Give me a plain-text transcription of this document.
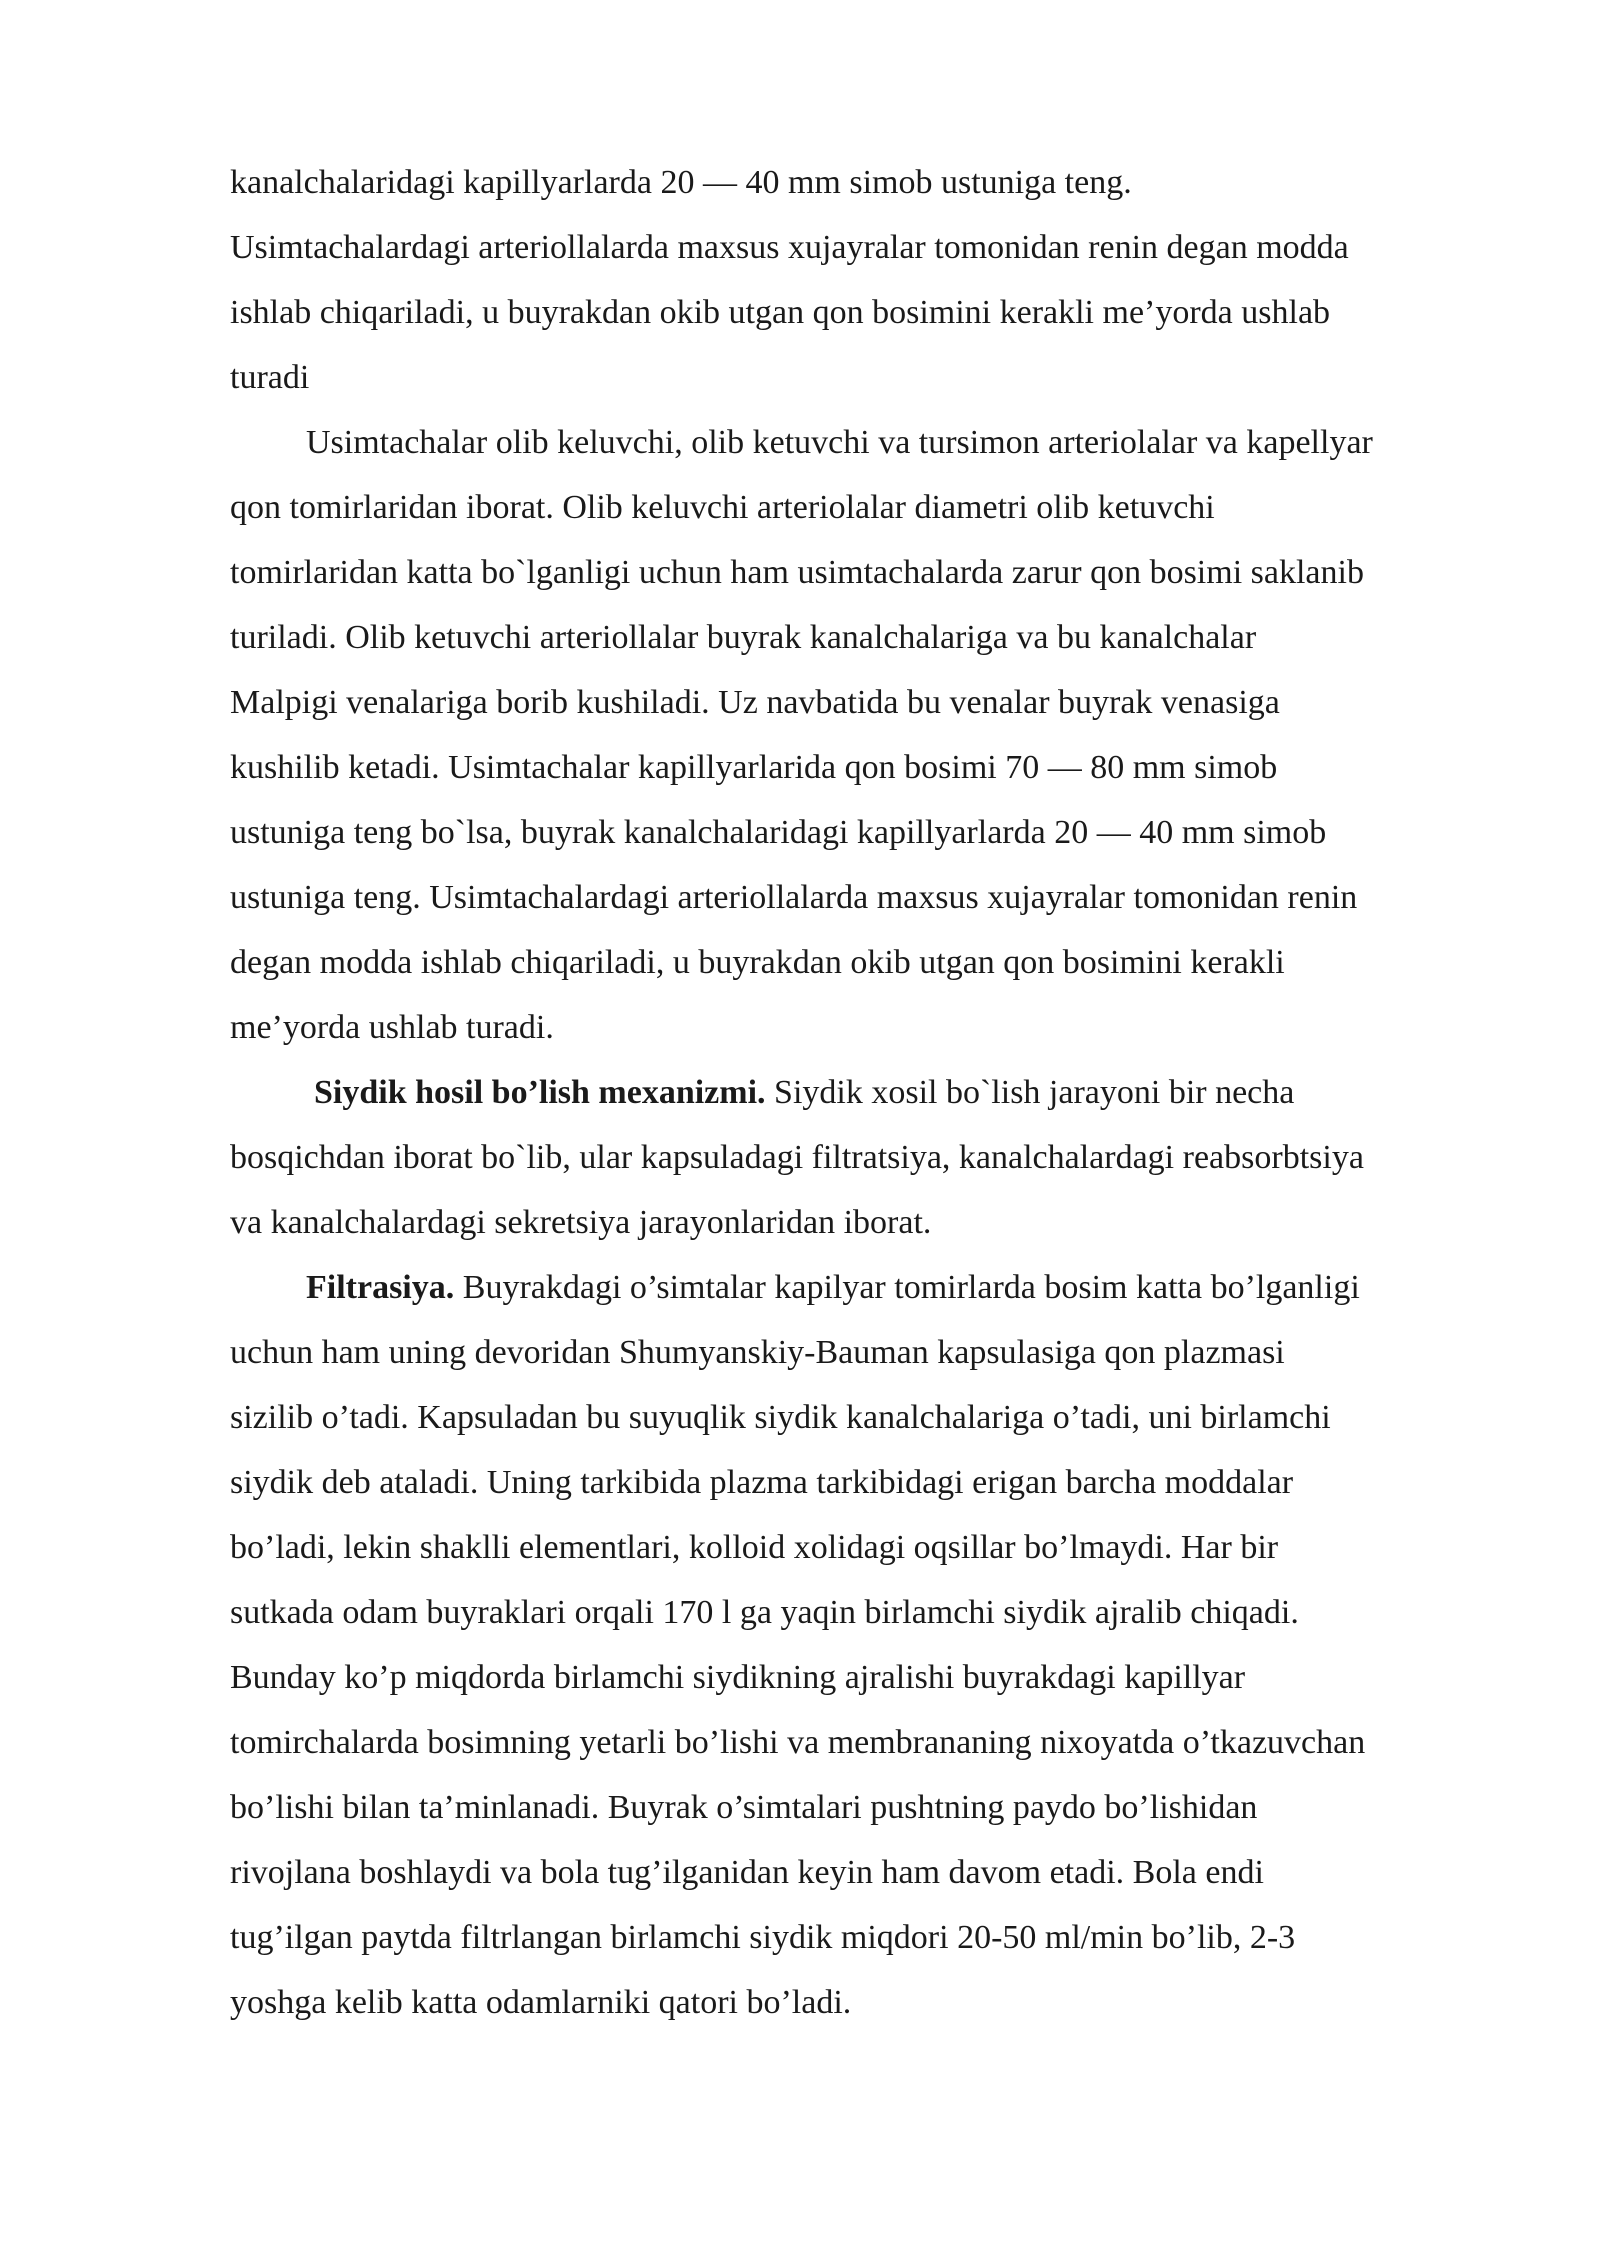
kanalchalaridagi kapillyarlarda 20 — 40 mm simob ustuniga teng.
Usimtachalardagi arteriollalarda maxsus xujayralar tomonidan renin degan modda
ishlab chiqariladi, u buyrakdan okib utgan qon bosimini kerakli me’yorda ushlab
turadi

Usimtachalar olib keluvchi, olib ketuvchi va tursimon arteriolalar va kapellyar
qon tomirlaridan iborat. Olib keluvchi arteriolalar diametri olib ketuvchi
tomirlaridan katta bo`lganligi uchun ham usimtachalarda zarur qon bosimi saklanib
turiladi. Olib ketuvchi arteriollalar buyrak kanalchalariga va bu kanalchalar
Malpigi venalariga borib kushiladi. Uz navbatida bu venalar buyrak venasiga
kushilib ketadi. Usimtachalar kapillyarlarida qon bosimi 70 — 80 mm simob
ustuniga teng bo`lsa, buyrak kanalchalaridagi kapillyarlarda 20 — 40 mm simob
ustuniga teng. Usimtachalardagi arteriollalarda maxsus xujayralar tomonidan renin
degan modda ishlab chiqariladi, u buyrakdan okib utgan qon bosimini kerakli
me’yorda ushlab turadi.

Siydik hosil bo’lish mexanizmi. Siydik xosil bo`lish jarayoni bir necha
bosqichdan iborat bo`lib, ular kapsuladagi filtratsiya, kanalchalardagi reabsorbtsiya
va kanalchalardagi sekretsiya jarayonlaridan iborat.

Filtrasiya. Buyrakdagi o’simtalar kapilyar tomirlarda bosim katta bo’lganligi
uchun ham uning devoridan Shumyanskiy-Bauman kapsulasiga qon plazmasi
sizilib o’tadi. Kapsuladan bu suyuqlik siydik kanalchalariga o’tadi, uni birlamchi
siydik deb ataladi. Uning tarkibida plazma tarkibidagi erigan barcha moddalar
bo’ladi, lekin shaklli elementlari, kolloid xolidagi oqsillar bo’lmaydi. Har bir
sutkada odam buyraklari orqali 170 l ga yaqin birlamchi siydik ajralib chiqadi.
Bunday ko’p miqdorda birlamchi siydikning ajralishi buyrakdagi kapillyar
tomirchalarda bosimning yetarli bo’lishi va membrananing nixoyatda o’tkazuvchan
bo’lishi bilan ta’minlanadi. Buyrak o’simtalari pushtning paydo bo’lishidan
rivojlana boshlaydi va bola tug’ilganidan keyin ham davom etadi. Bola endi
tug’ilgan paytda filtrlangan birlamchi siydik miqdori 20-50 ml/min bo’lib, 2-3
yoshga kelib katta odamlarniki qatori bo’ladi.
